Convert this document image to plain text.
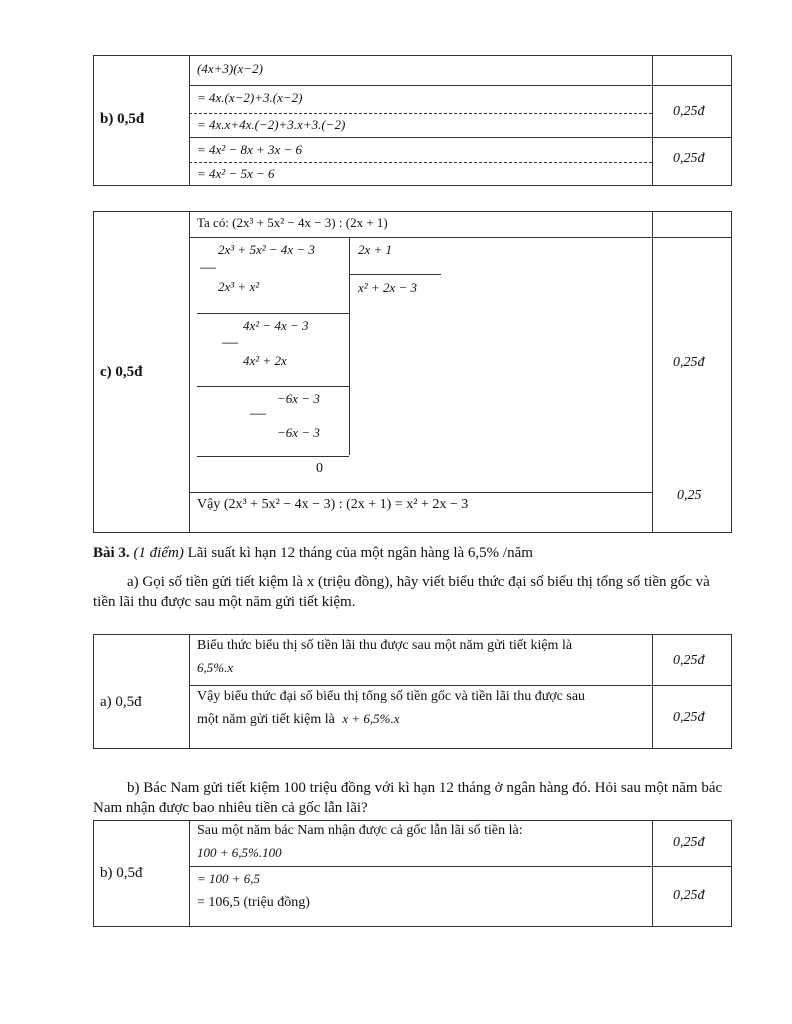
b) 0,5đ
(4x+3)(x−2)
= 4x.(x−2)+3.(x−2)
= 4x.x+4x.(−2)+3.x+3.(−2)
= 4x² − 8x + 3x − 6
= 4x² − 5x − 6
0,25đ
0,25đ
c) 0,5đ
Ta có: (2x³ + 5x² − 4x − 3) : (2x + 1)
2x³ + 5x² − 4x − 3	2x + 1
—
2x³ + x²	x² + 2x − 3
4x² − 4x − 3
—
4x² + 2x
−6x − 3
—
−6x − 3
0
Vậy (2x³ + 5x² − 4x − 3) : (2x + 1) = x² + 2x − 3
0,25đ
0,25
Bài 3. (1 điểm) Lãi suất kì hạn 12 tháng của một ngân hàng là 6,5% /năm
a) Gọi số tiền gửi tiết kiệm là x (triệu đồng), hãy viết biểu thức đại số biểu thị tổng số tiền gốc và tiền lãi thu được sau một năm gửi tiết kiệm.
a) 0,5đ
Biểu thức biểu thị số tiền lãi thu được sau một năm gửi tiết kiệm là
6,5%.x
Vậy biểu thức đại số biểu thị tổng số tiền gốc và tiền lãi thu được sau
một năm gửi tiết kiệm là x + 6,5%.x
0,25đ
0,25đ
b) Bác Nam gửi tiết kiệm 100 triệu đồng với kì hạn 12 tháng ở ngân hàng đó. Hỏi sau một năm bác Nam nhận được bao nhiêu tiền cả gốc lẫn lãi?
b) 0,5đ
Sau một năm bác Nam nhận được cả gốc lẫn lãi số tiền là:
100 + 6,5%.100
= 100 + 6,5
= 106,5 (triệu đồng)
0,25đ
0,25đ
